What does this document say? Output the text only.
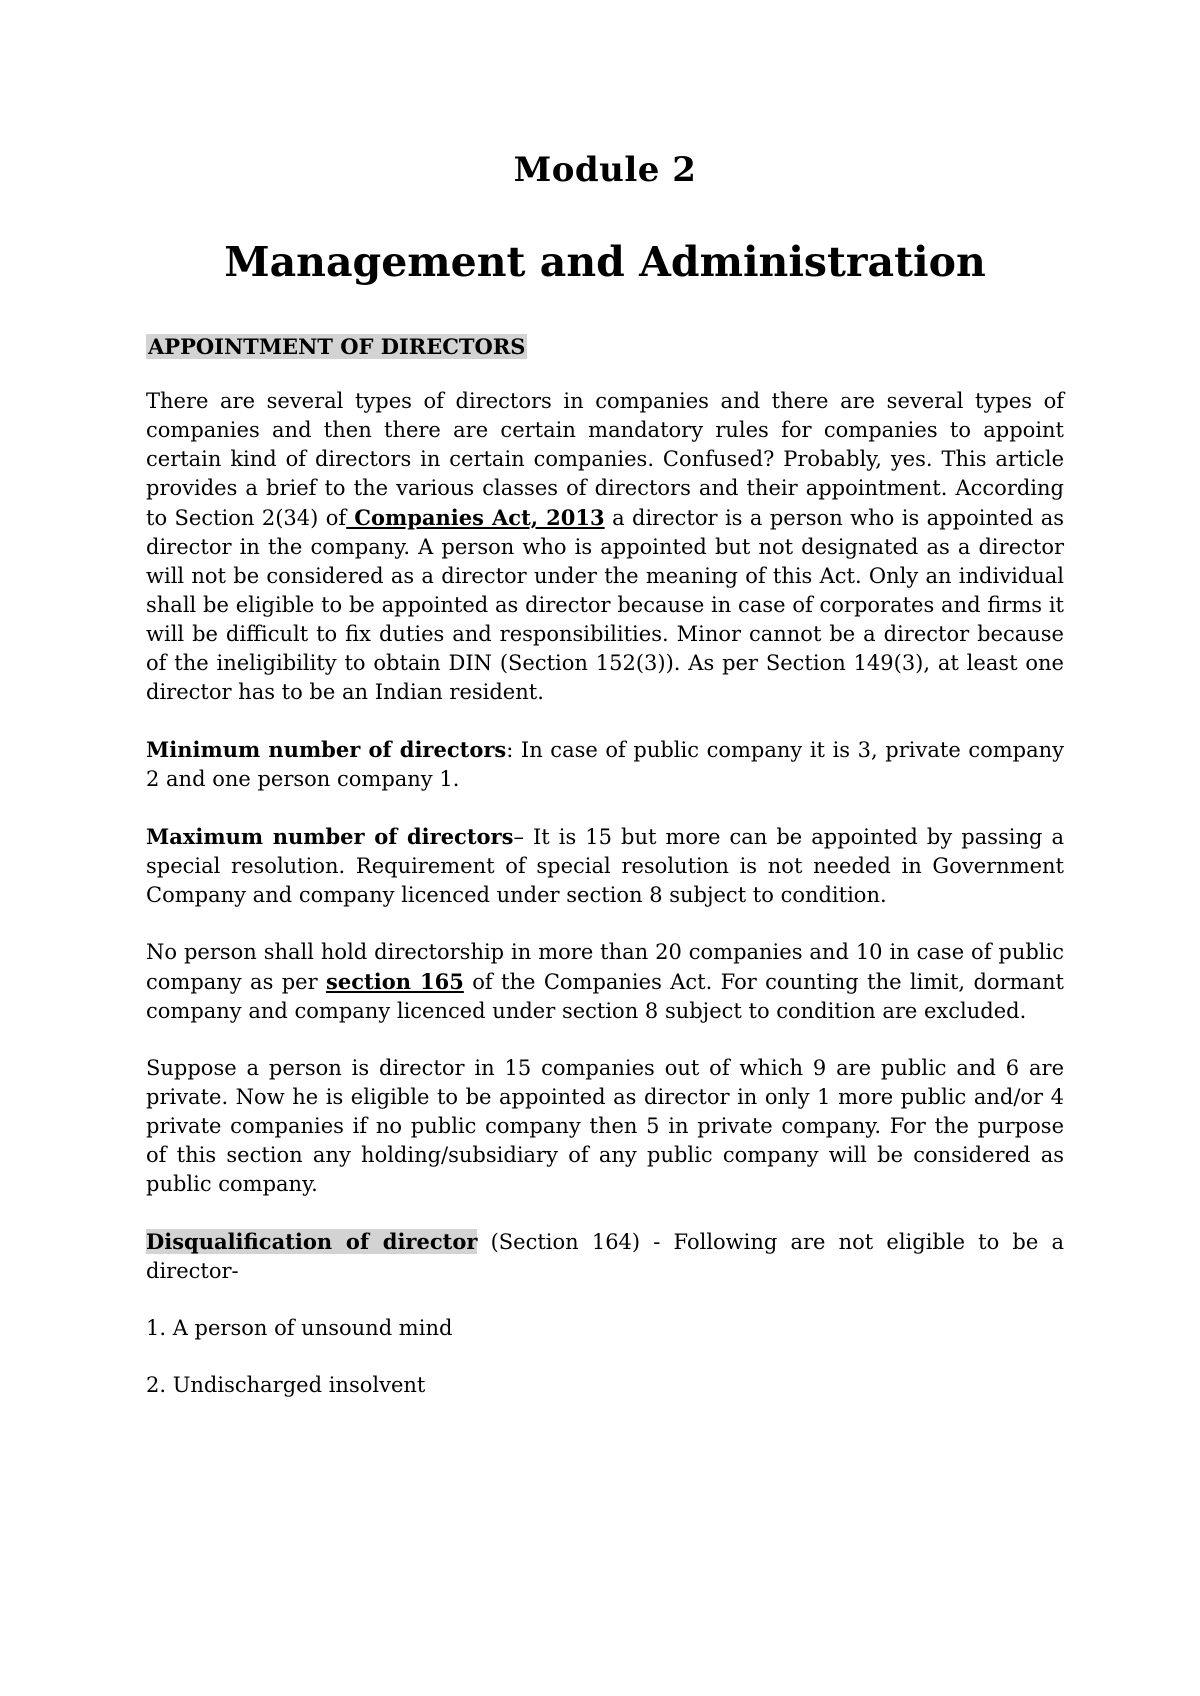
Module 2
Management and Administration
APPOINTMENT OF DIRECTORS

There are several types of directors in companies and there are several types of companies and then there are certain mandatory rules for companies to appoint certain kind of directors in certain companies. Confused? Probably, yes. This article provides a brief to the various classes of directors and their appointment. According to Section 2(34) of Companies Act, 2013 a director is a person who is appointed as director in the company. A person who is appointed but not designated as a director will not be considered as a director under the meaning of this Act. Only an individual shall be eligible to be appointed as director because in case of corporates and firms it will be difficult to fix duties and responsibilities. Minor cannot be a director because of the ineligibility to obtain DIN (Section 152(3)). As per Section 149(3), at least one director has to be an Indian resident.

Minimum number of directors: In case of public company it is 3, private company 2 and one person company 1.

Maximum number of directors– It is 15 but more can be appointed by passing a special resolution. Requirement of special resolution is not needed in Government Company and company licenced under section 8 subject to condition.

No person shall hold directorship in more than 20 companies and 10 in case of public company as per section 165 of the Companies Act. For counting the limit, dormant company and company licenced under section 8 subject to condition are excluded.

Suppose a person is director in 15 companies out of which 9 are public and 6 are private. Now he is eligible to be appointed as director in only 1 more public and/or 4 private companies if no public company then 5 in private company. For the purpose of this section any holding/subsidiary of any public company will be considered as public company.

Disqualification of director (Section 164) - Following are not eligible to be a director-

1. A person of unsound mind
2. Undischarged insolvent
